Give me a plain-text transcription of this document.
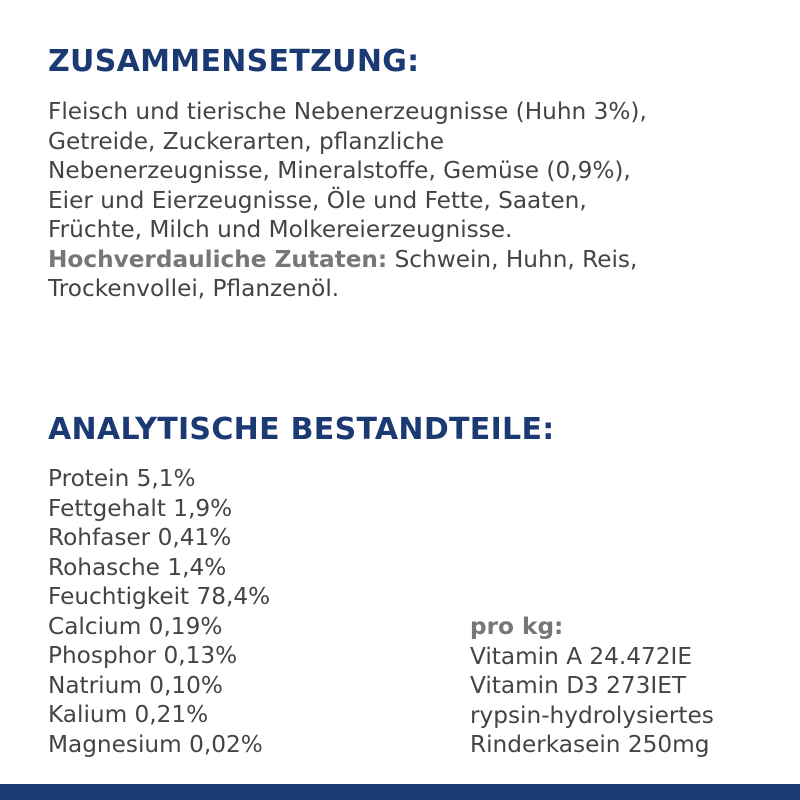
ZUSAMMENSETZUNG:
Fleisch und tierische Nebenerzeugnisse (Huhn 3%),
Getreide, Zuckerarten, pflanzliche
Nebenerzeugnisse, Mineralstoffe, Gemüse (0,9%),
Eier und Eierzeugnisse, Öle und Fette, Saaten,
Früchte, Milch und Molkereierzeugnisse.
Hochverdauliche Zutaten: Schwein, Huhn, Reis,
Trockenvollei, Pflanzenöl.
ANALYTISCHE BESTANDTEILE:
Protein 5,1%
Fettgehalt 1,9%
Rohfaser 0,41%
Rohasche 1,4%
Feuchtigkeit 78,4%
Calcium 0,19%
Phosphor 0,13%
Natrium 0,10%
Kalium 0,21%
Magnesium 0,02%
pro kg:
Vitamin A 24.472IE
Vitamin D3 273IET
rypsin-hydrolysiertes
Rinderkasein 250mg
